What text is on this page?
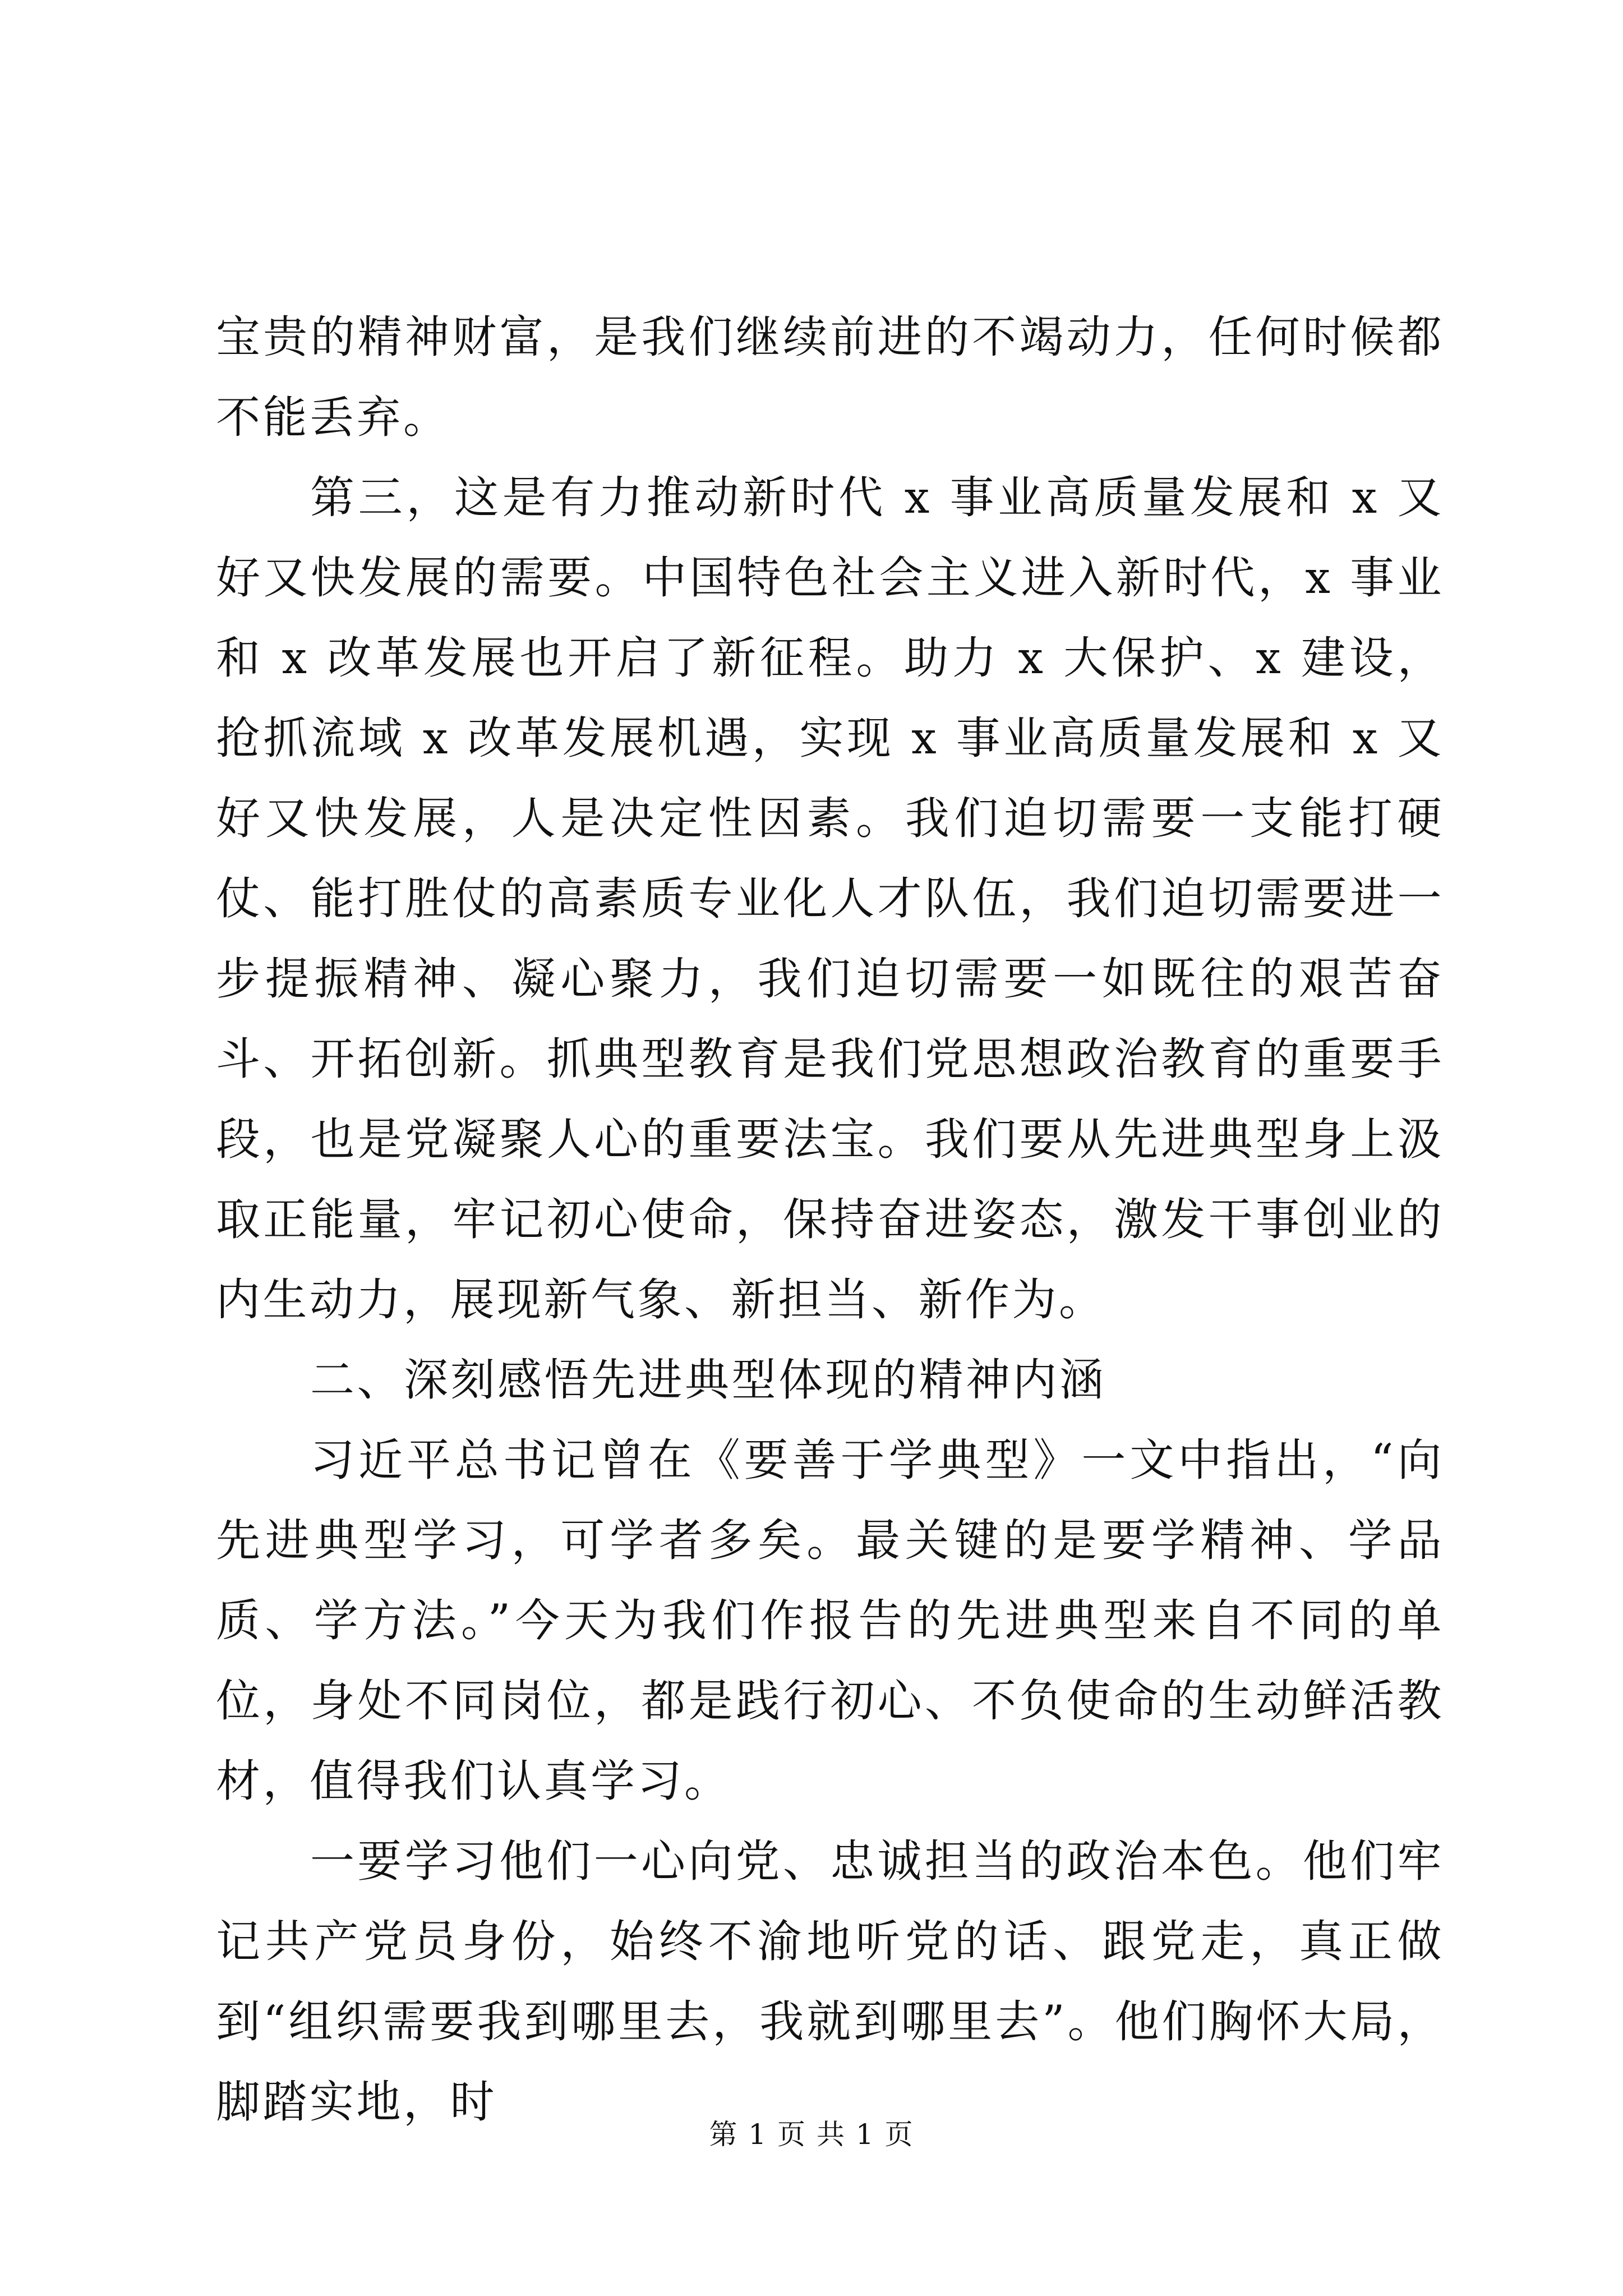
宝贵的精神财富，是我们继续前进的不竭动力，任何时候都不能丢弃。

第三，这是有力推动新时代 x 事业高质量发展和 x 又好又快发展的需要。中国特色社会主义进入新时代，x 事业和 x 改革发展也开启了新征程。助力 x 大保护、x 建设，抢抓流域 x 改革发展机遇，实现 x 事业高质量发展和 x 又好又快发展，人是决定性因素。我们迫切需要一支能打硬仗、能打胜仗的高素质专业化人才队伍，我们迫切需要进一步提振精神、凝心聚力，我们迫切需要一如既往的艰苦奋斗、开拓创新。抓典型教育是我们党思想政治教育的重要手段，也是党凝聚人心的重要法宝。我们要从先进典型身上汲取正能量，牢记初心使命，保持奋进姿态，激发干事创业的内生动力，展现新气象、新担当、新作为。

二、深刻感悟先进典型体现的精神内涵

习近平总书记曾在《要善于学典型》一文中指出，“向先进典型学习，可学者多矣。最关键的是要学精神、学品质、学方法。”今天为我们作报告的先进典型来自不同的单位，身处不同岗位，都是践行初心、不负使命的生动鲜活教材，值得我们认真学习。

一要学习他们一心向党、忠诚担当的政治本色。他们牢记共产党员身份，始终不渝地听党的话、跟党走，真正做到“组织需要我到哪里去，我就到哪里去”。他们胸怀大局，脚踏实地，时

第 1 页 共 1 页
